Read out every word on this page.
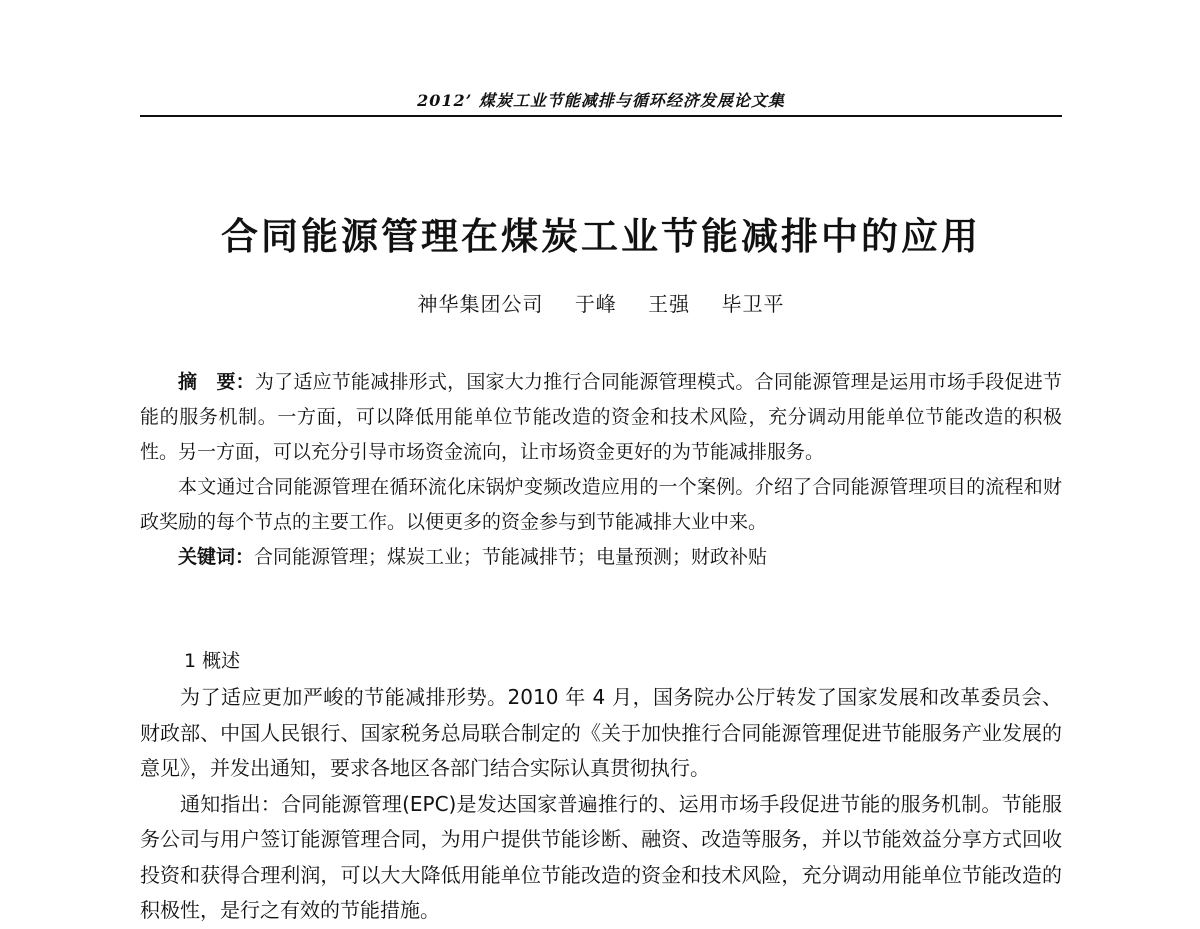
2012’ 煤炭工业节能减排与循环经济发展论文集
合同能源管理在煤炭工业节能减排中的应用
神华集团公司 于峰 王强 毕卫平

摘　要：为了适应节能减排形式，国家大力推行合同能源管理模式。合同能源管理是运用市场手段促进节能的服务机制。一方面，可以降低用能单位节能改造的资金和技术风险，充分调动用能单位节能改造的积极性。另一方面，可以充分引导市场资金流向，让市场资金更好的为节能减排服务。

本文通过合同能源管理在循环流化床锅炉变频改造应用的一个案例。介绍了合同能源管理项目的流程和财政奖励的每个节点的主要工作。以便更多的资金参与到节能减排大业中来。

关键词：合同能源管理；煤炭工业；节能减排节；电量预测；财政补贴

1 概述

为了适应更加严峻的节能减排形势。2010 年 4 月，国务院办公厅转发了国家发展和改革委员会、财政部、中国人民银行、国家税务总局联合制定的《关于加快推行合同能源管理促进节能服务产业发展的意见》，并发出通知，要求各地区各部门结合实际认真贯彻执行。

通知指出：合同能源管理(EPC)是发达国家普遍推行的、运用市场手段促进节能的服务机制。节能服务公司与用户签订能源管理合同，为用户提供节能诊断、融资、改造等服务，并以节能效益分享方式回收投资和获得合理利润，可以大大降低用能单位节能改造的资金和技术风险，充分调动用能单位节能改造的积极性，是行之有效的节能措施。
